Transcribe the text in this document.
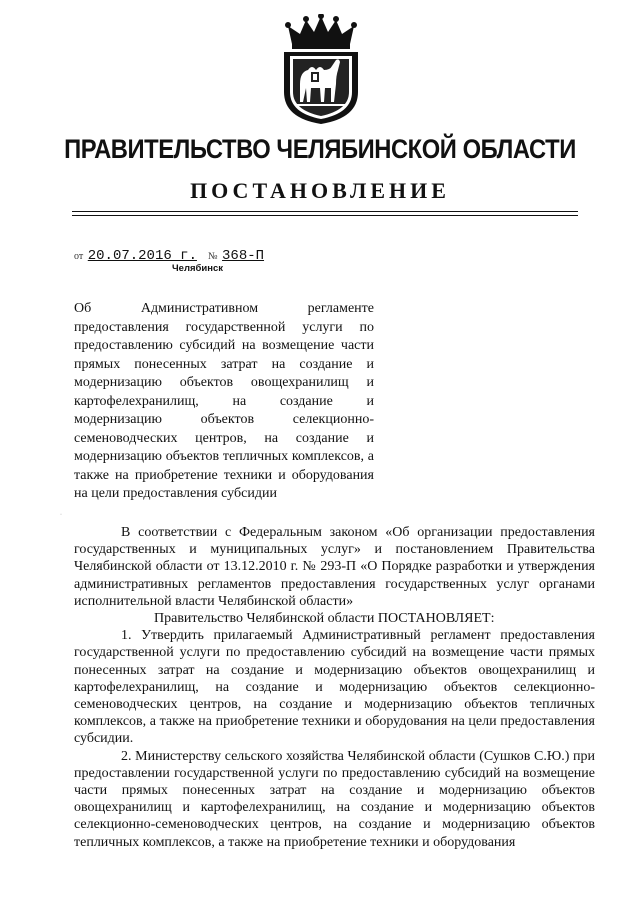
ПРАВИТЕЛЬСТВО ЧЕЛЯБИНСКОЙ ОБЛАСТИ
ПОСТАНОВЛЕНИЕ
от 20.07.2016 г. № 368-П
Челябинск
Об Административном регламенте предоставления государственной услуги по предоставлению субсидий на возмещение части прямых понесенных затрат на создание и модернизацию объектов овощехранилищ и картофелехранилищ, на создание и модернизацию объектов селекционно-семеноводческих центров, на создание и модернизацию объектов тепличных комплексов, а также на приобретение техники и оборудования на цели предоставления субсидии
·

В соответствии с Федеральным законом «Об организации предоставления государственных и муниципальных услуг» и постановлением Правительства Челябинской области от 13.12.2010 г. № 293-П «О Порядке разработки и утверждения административных регламентов предоставления государственных услуг органами исполнительной власти Челябинской области»

Правительство Челябинской области ПОСТАНОВЛЯЕТ:

1. Утвердить прилагаемый Административный регламент предоставления государственной услуги по предоставлению субсидий на возмещение части прямых понесенных затрат на создание и модернизацию объектов овощехранилищ и картофелехранилищ, на создание и модернизацию объектов селекционно-семеноводческих центров, на создание и модернизацию объектов тепличных комплексов, а также на приобретение техники и оборудования на цели предоставления субсидии.

2. Министерству сельского хозяйства Челябинской области (Сушков С.Ю.) при предоставлении государственной услуги по предоставлению субсидий на возмещение части прямых понесенных затрат на создание и модернизацию объектов овощехранилищ и картофелехранилищ, на создание и модернизацию объектов селекционно-семеноводческих центров, на создание и модернизацию объектов тепличных комплексов, а также на приобретение техники и оборудования
